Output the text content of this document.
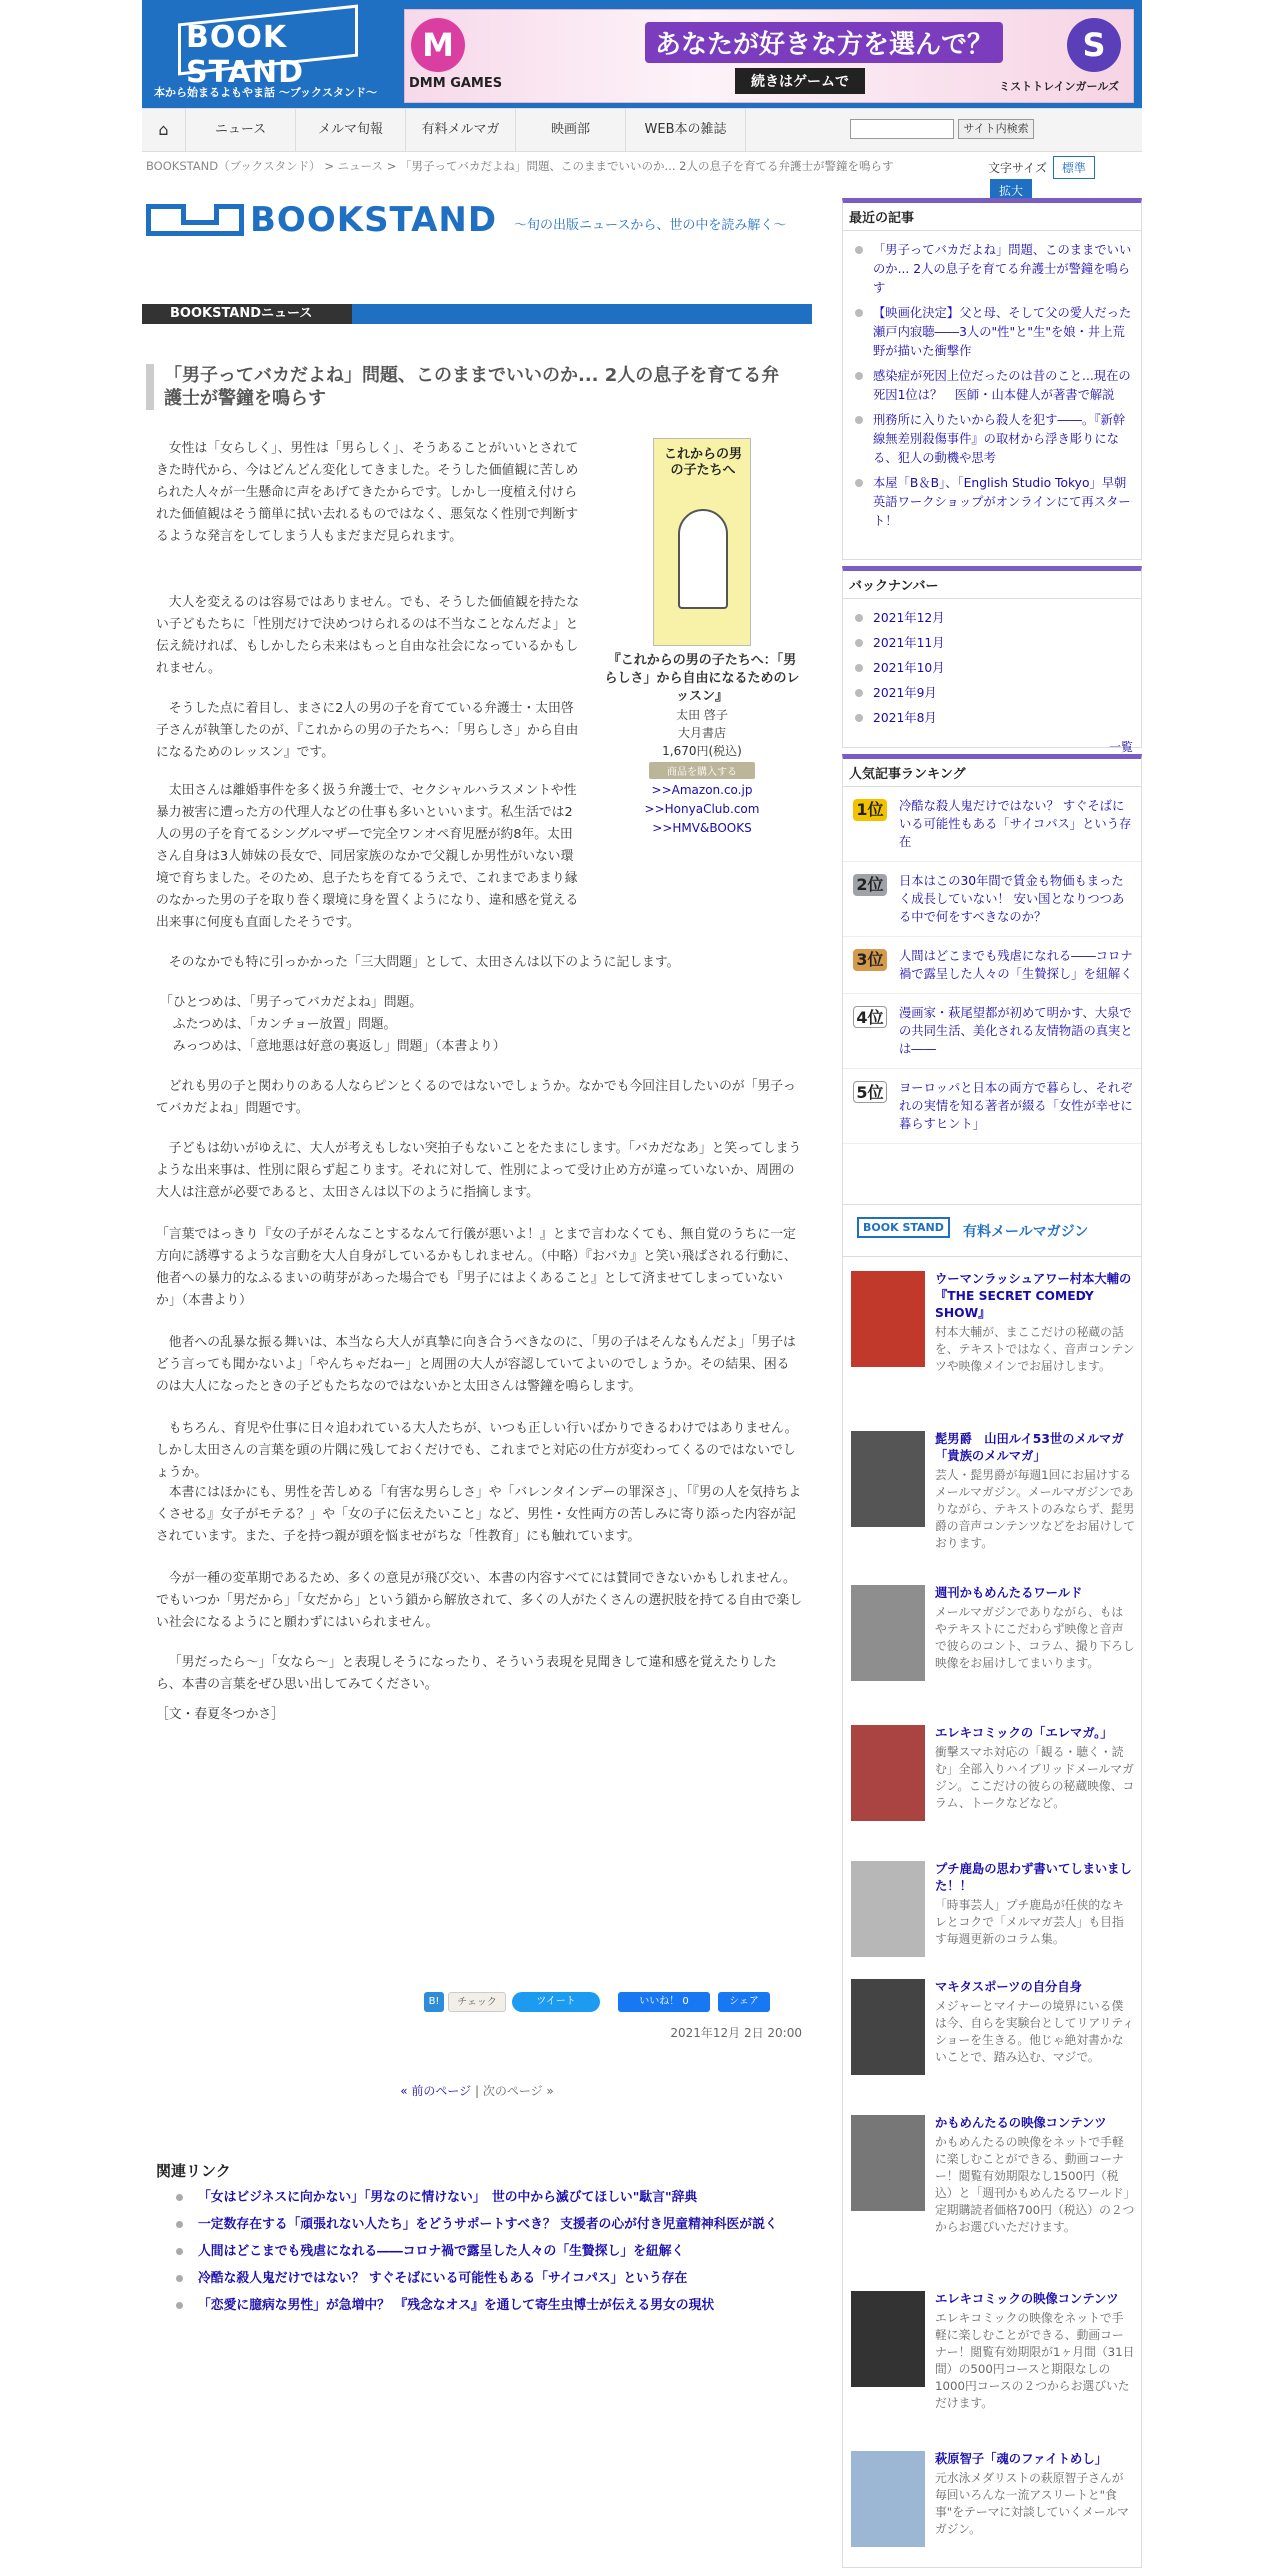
BOOK STAND
本から始まるよもやま話 〜ブックスタンド〜
M
DMM GAMES
あなたが好きな方を選んで？
続きはゲームで
S
ミストトレインガールズ
⌂	ニュース	メルマ旬報	有料メルマガ	映画部	WEB本の雑誌	サイト内検索
BOOKSTAND（ブックスタンド） > ニュース > 「男子ってバカだよね」問題、このままでいいのか... 2人の息子を育てる弁護士が警鐘を鳴らす	文字サイズ 標準 拡大
BOOKSTAND 〜旬の出版ニュースから、世の中を読み解く〜
BOOKSTANDニュース
「男子ってバカだよね」問題、このままでいいのか... 2人の息子を育てる弁護士が警鐘を鳴らす
これからの男の子たちへ
『これからの男の子たちへ：「男らしさ」から自由になるためのレッスン』
太田 啓子
大月書店
1,670円(税込)
商品を購入する
>>Amazon.co.jp
>>HonyaClub.com
>>HMV&BOOKS

女性は「女らしく」、男性は「男らしく」、そうあることがいいとされてきた時代から、今はどんどん変化してきました。そうした価値観に苦しめられた人々が一生懸命に声をあげてきたからです。しかし一度植え付けられた価値観はそう簡単に拭い去れるものではなく、悪気なく性別で判断するような発言をしてしまう人もまだまだ見られます。

大人を変えるのは容易ではありません。でも、そうした価値観を持たない子どもたちに「性別だけで決めつけられるのは不当なことなんだよ」と伝え続ければ、もしかしたら未来はもっと自由な社会になっているかもしれません。

そうした点に着目し、まさに2人の男の子を育てている弁護士・太田啓子さんが執筆したのが、『これからの男の子たちへ：「男らしさ」から自由になるためのレッスン』です。

太田さんは離婚事件を多く扱う弁護士で、セクシャルハラスメントや性暴力被害に遭った方の代理人などの仕事も多いといいます。私生活では2人の男の子を育てるシングルマザーで完全ワンオペ育児歴が約8年。太田さん自身は3人姉妹の長女で、同居家族のなかで父親しか男性がいない環境で育ちました。そのため、息子たちを育てるうえで、これまであまり縁のなかった男の子を取り巻く環境に身を置くようになり、違和感を覚える出来事に何度も直面したそうです。

そのなかでも特に引っかかった「三大問題」として、太田さんは以下のように記します。

「ひとつめは、「男子ってバカだよね」問題。
　ふたつめは、「カンチョー放置」問題。
　みっつめは、「意地悪は好意の裏返し」問題」（本書より）

どれも男の子と関わりのある人ならピンとくるのではないでしょうか。なかでも今回注目したいのが「男子ってバカだよね」問題です。

子どもは幼いがゆえに、大人が考えもしない突拍子もないことをたまにします。「バカだなあ」と笑ってしまうような出来事は、性別に限らず起こります。それに対して、性別によって受け止め方が違っていないか、周囲の大人は注意が必要であると、太田さんは以下のように指摘します。

「言葉ではっきり『女の子がそんなことするなんて行儀が悪いよ！』とまで言わなくても、無自覚のうちに一定方向に誘導するような言動を大人自身がしているかもしれません。（中略）『おバカ』と笑い飛ばされる行動に、他者への暴力的なふるまいの萌芽があった場合でも『男子にはよくあること』として済ませてしまっていないか」（本書より）

他者への乱暴な振る舞いは、本当なら大人が真摯に向き合うべきなのに、「男の子はそんなもんだよ」「男子はどう言っても聞かないよ」「やんちゃだねー」と周囲の大人が容認していてよいのでしょうか。その結果、困るのは大人になったときの子どもたちなのではないかと太田さんは警鐘を鳴らします。

もちろん、育児や仕事に日々追われている大人たちが、いつも正しい行いばかりできるわけではありません。しかし太田さんの言葉を頭の片隅に残しておくだけでも、これまでと対応の仕方が変わってくるのではないでしょうか。

本書にはほかにも、男性を苦しめる「有害な男らしさ」や「バレンタインデーの罪深さ」、「『男の人を気持ちよくさせる』女子がモテる？」や「女の子に伝えたいこと」など、男性・女性両方の苦しみに寄り添った内容が記されています。また、子を持つ親が頭を悩ませがちな「性教育」にも触れています。

今が一種の変革期であるため、多くの意見が飛び交い、本書の内容すべてには賛同できないかもしれません。でもいつか「男だから」「女だから」という鎖から解放されて、多くの人がたくさんの選択肢を持てる自由で楽しい社会になるようにと願わずにはいられません。

「男だったら～」「女なら～」と表現しそうになったり、そういう表現を見聞きして違和感を覚えたりしたら、本書の言葉をぜひ思い出してみてください。

［文・春夏冬つかさ］

B!	チェック	ツイート	いいね！ 0	シェア
2021年12月 2日 20:00
« 前のページ | 次のページ »
関連リンク
「女はビジネスに向かない」「男なのに情けない」　世の中から滅びてほしい"駄言"辞典
一定数存在する「頑張れない人たち」をどうサポートすべき？ 支援者の心が付き児童精神科医が説く
人間はどこまでも残虐になれる――コロナ禍で露呈した人々の「生贄探し」を紐解く
冷酷な殺人鬼だけではない？ すぐそばにいる可能性もある「サイコパス」という存在
「恋愛に臆病な男性」が急増中？ 『残念なオス』を通して寄生虫博士が伝える男女の現状
最近の記事
「男子ってバカだよね」問題、このままでいいのか... 2人の息子を育てる弁護士が警鐘を鳴らす
【映画化決定】父と母、そして父の愛人だった瀬戸内寂聴――3人の"性"と"生"を娘・井上荒野が描いた衝撃作
感染症が死因上位だったのは昔のこと...現在の死因1位は？　医師・山本健人が著書で解説
刑務所に入りたいから殺人を犯す――。『新幹線無差別殺傷事件』の取材から浮き彫りになる、犯人の動機や思考
本屋「B＆B」、「English Studio Tokyo」早朝英語ワークショップがオンラインにて再スタート！
バックナンバー
2021年12月
2021年11月
2021年10月
2021年9月
2021年8月
一覧
人気記事ランキング
1位 冷酷な殺人鬼だけではない？ すぐそばにいる可能性もある「サイコパス」という存在
2位 日本はこの30年間で賃金も物価もまったく成長していない！ 安い国となりつつある中で何をすべきなのか？
3位 人間はどこまでも残虐になれる――コロナ禍で露呈した人々の「生贄探し」を紐解く
4位 漫画家・萩尾望都が初めて明かす、大泉での共同生活、美化される友情物語の真実とは――
5位 ヨーロッパと日本の両方で暮らし、それぞれの実情を知る著者が綴る「女性が幸せに暮らすヒント」
BOOK STAND	有料メールマガジン
ウーマンラッシュアワー村本大輔の『THE SECRET COMEDY SHOW』

村本大輔が、まここだけの秘蔵の話を、テキストではなく、音声コンテンツや映像メインでお届けします。

髭男爵　山田ルイ53世のメルマガ「貴族のメルマガ」

芸人・髭男爵が毎週1回にお届けするメールマガジン。メールマガジンでありながら、テキストのみならず、髭男爵の音声コンテンツなどをお届けしております。

週刊かもめんたるワールド

メールマガジンでありながら、もはやテキストにこだわらず映像と音声で彼らのコント、コラム、撮り下ろし映像をお届けしてまいります。

エレキコミックの「エレマガ。」

衝撃スマホ対応の「観る・聴く・読む」全部入りハイブリッドメールマガジン。ここだけの彼らの秘蔵映像、コラム、トークなどなど。

プチ鹿島の思わず書いてしまいました！！

「時事芸人」プチ鹿島が任侠的なキレとコクで「メルマガ芸人」も目指す毎週更新のコラム集。

マキタスポーツの自分自身

メジャーとマイナーの境界にいる僕は今、自らを実験台としてリアリティショーを生きる。他じゃ絶対書かないことで、踏み込む、マジで。

かもめんたるの映像コンテンツ

かもめんたるの映像をネットで手軽に楽しむことができる、動画コーナー！閲覧有効期限なし1500円（税込）と「週刊かもめんたるワールド」定期購読者価格700円（税込）の２つからお選びいただけます。

エレキコミックの映像コンテンツ

エレキコミックの映像をネットで手軽に楽しむことができる、動画コーナー！閲覧有効期限が1ヶ月間（31日間）の500円コースと期限なしの1000円コースの２つからお選びいただけます。

萩原智子「魂のファイトめし」

元水泳メダリストの萩原智子さんが毎回いろんな一流アスリートと"食事"をテーマに対談していくメールマガジン。
